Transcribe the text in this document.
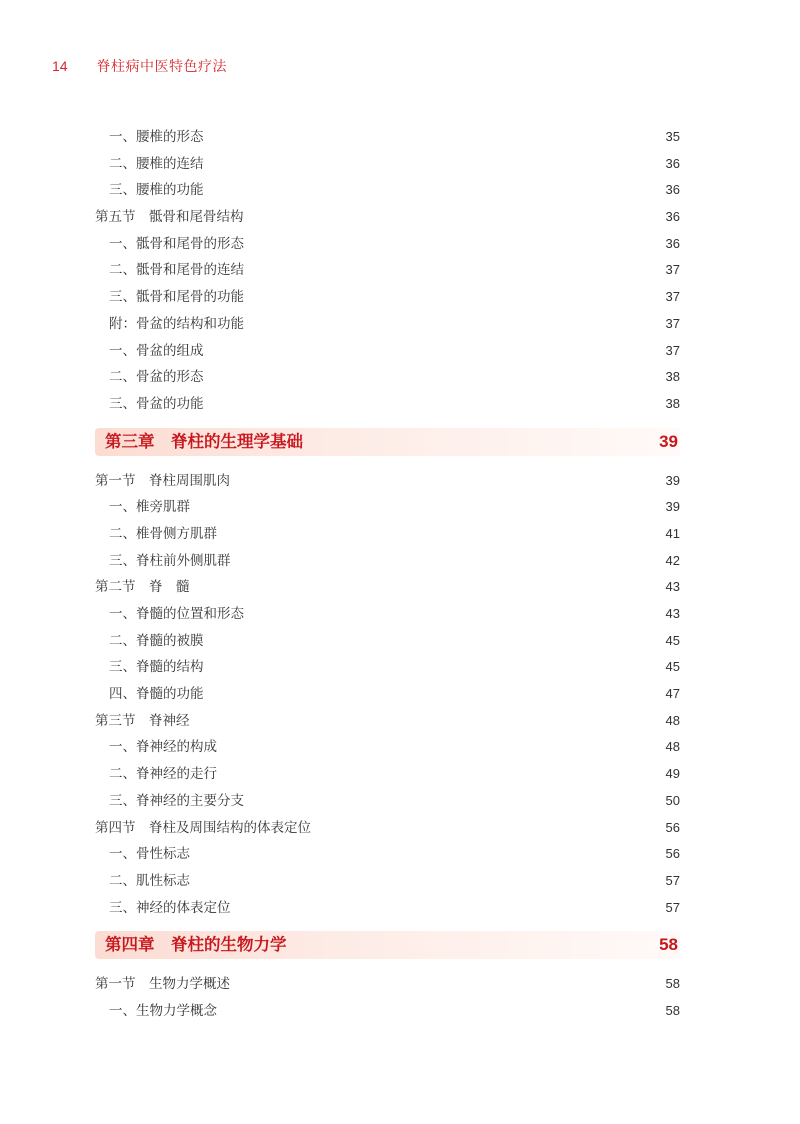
14 脊柱病中医特色疗法
一、腰椎的形态	35
二、腰椎的连结	36
三、腰椎的功能	36
第五节　骶骨和尾骨结构	36
一、骶骨和尾骨的形态	36
二、骶骨和尾骨的连结	37
三、骶骨和尾骨的功能	37
附：骨盆的结构和功能	37
一、骨盆的组成	37
二、骨盆的形态	38
三、骨盆的功能	38
第三章　脊柱的生理学基础	39
第一节　脊柱周围肌肉	39
一、椎旁肌群	39
二、椎骨侧方肌群	41
三、脊柱前外侧肌群	42
第二节　脊　髓	43
一、脊髓的位置和形态	43
二、脊髓的被膜	45
三、脊髓的结构	45
四、脊髓的功能	47
第三节　脊神经	48
一、脊神经的构成	48
二、脊神经的走行	49
三、脊神经的主要分支	50
第四节　脊柱及周围结构的体表定位	56
一、骨性标志	56
二、肌性标志	57
三、神经的体表定位	57
第四章　脊柱的生物力学	58
第一节　生物力学概述	58
一、生物力学概念	58
